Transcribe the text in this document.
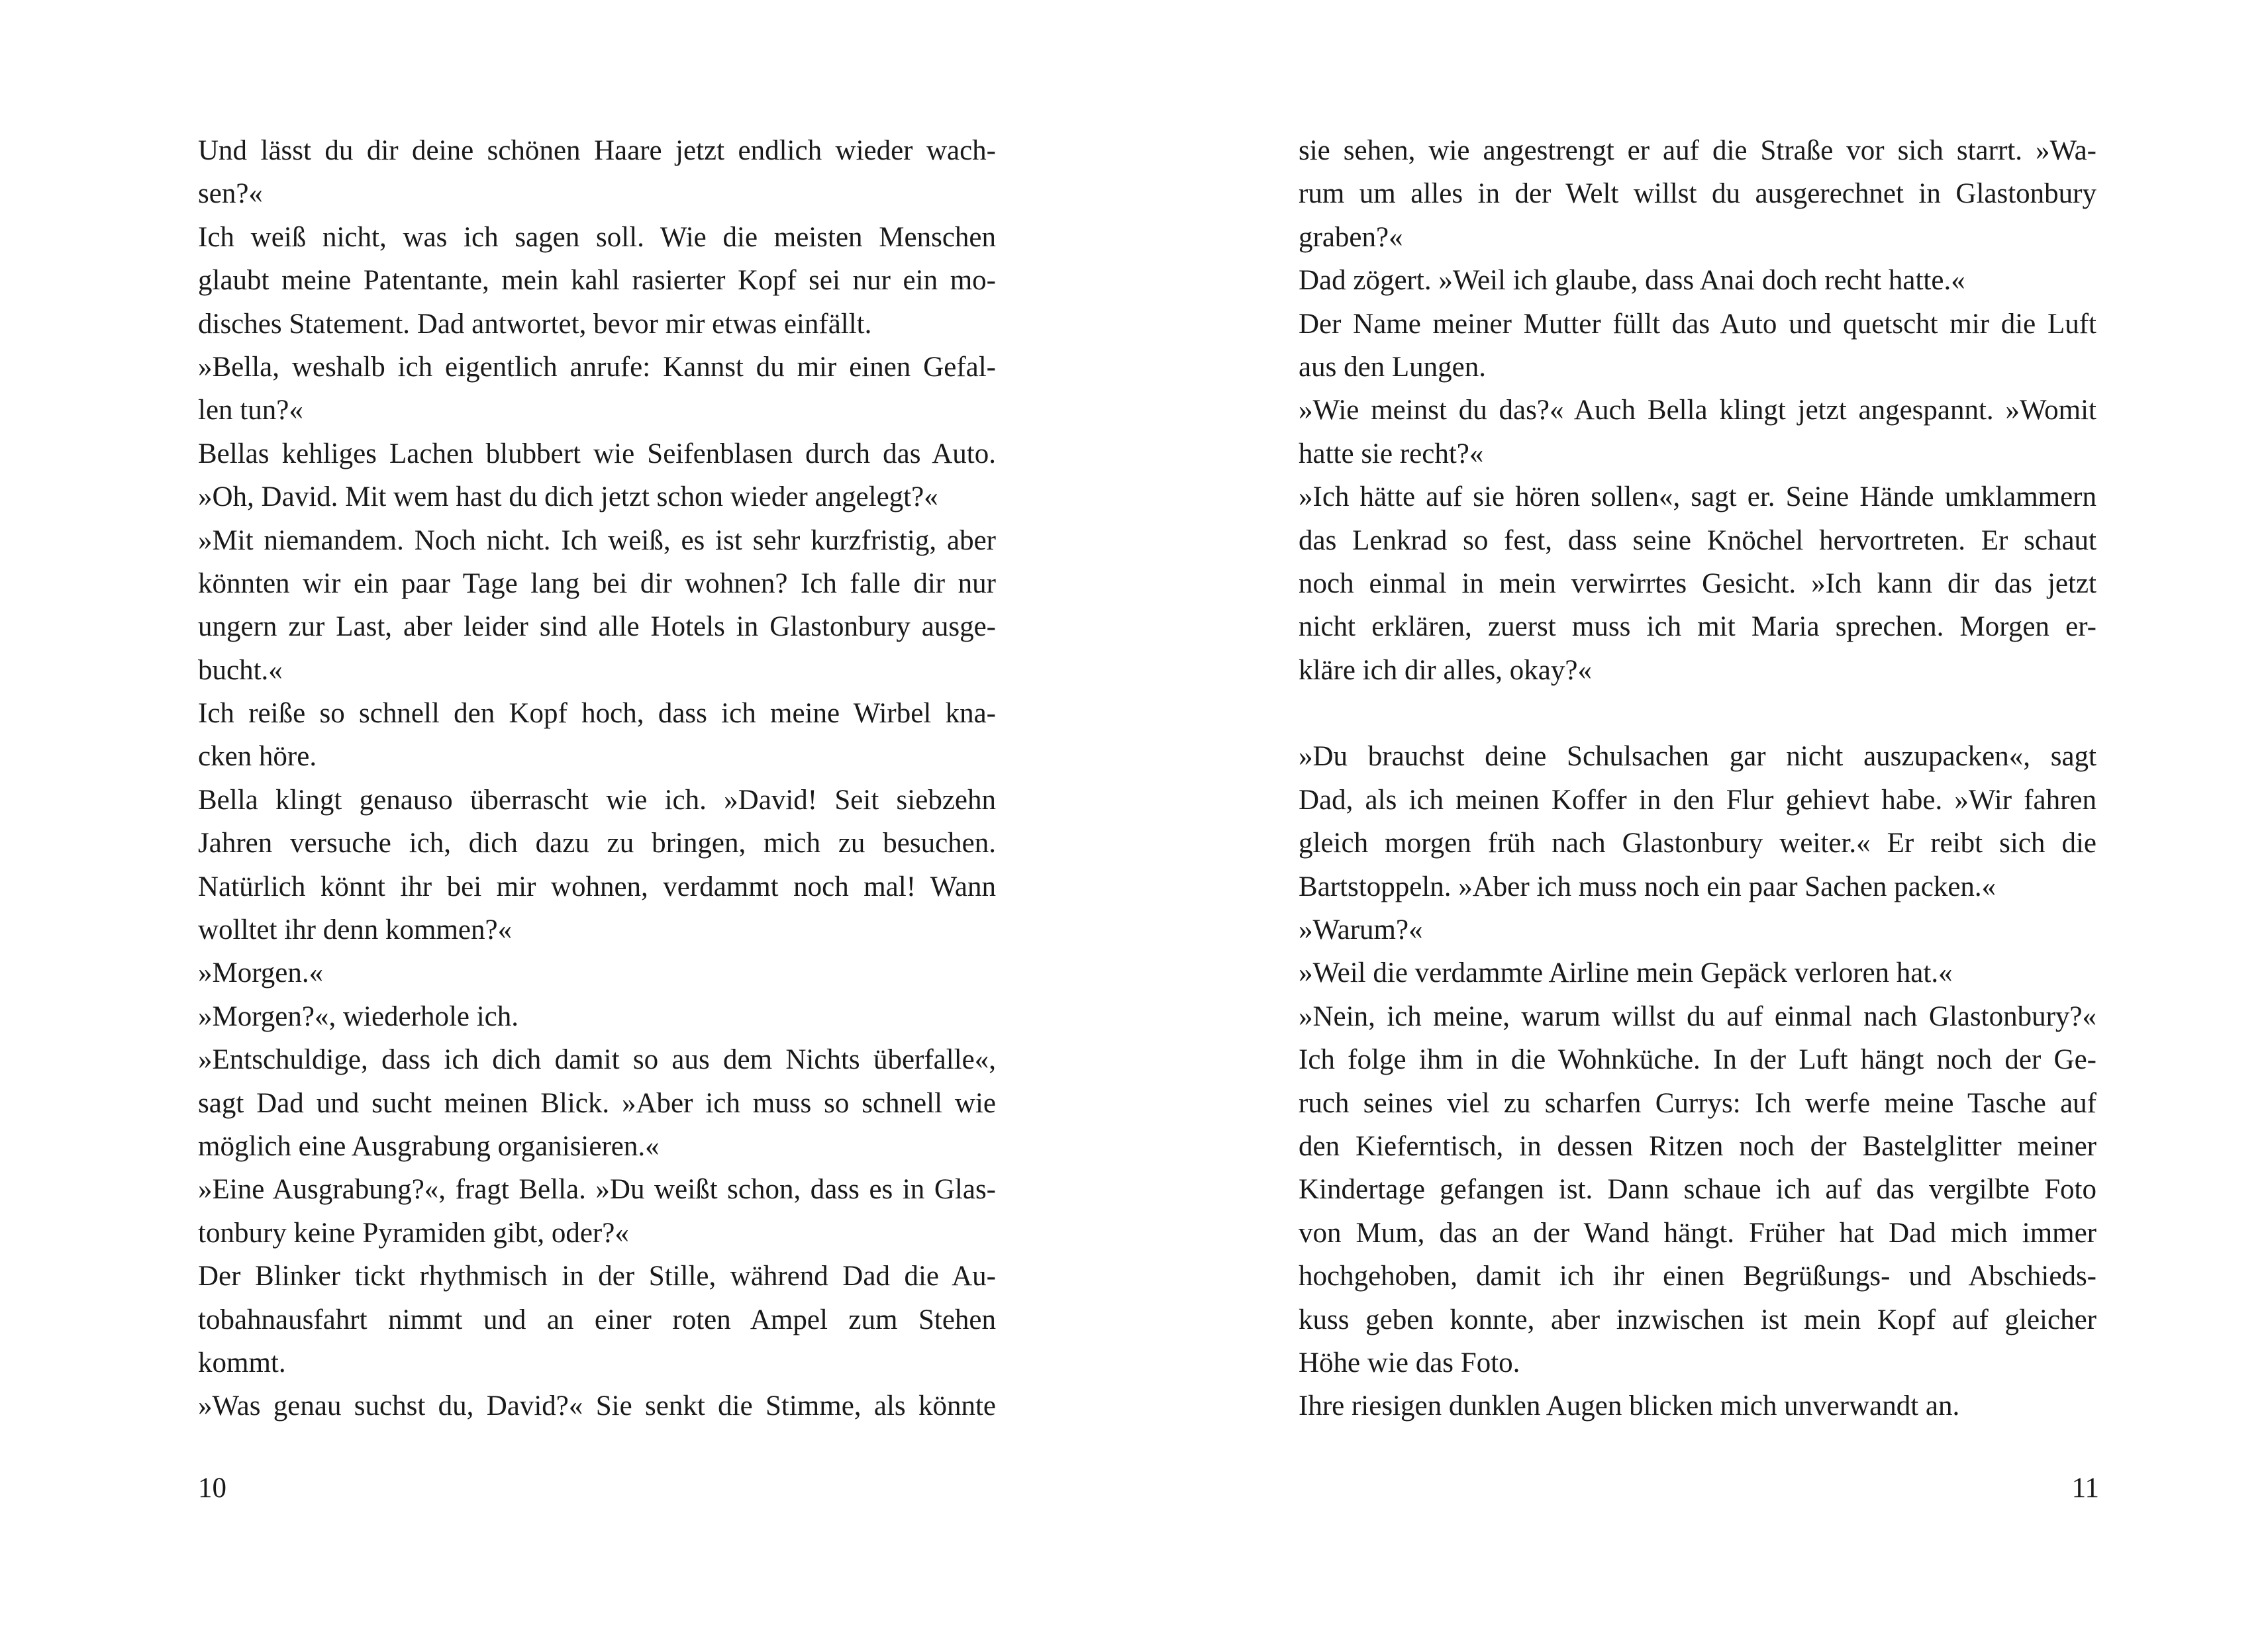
Und lässt du dir deine schönen Haare jetzt endlich wieder wach-
sen?«
Ich weiß nicht, was ich sagen soll. Wie die meisten Menschen
glaubt meine Patentante, mein kahl rasierter Kopf sei nur ein mo-
disches Statement. Dad antwortet, bevor mir etwas einfällt.
»Bella, weshalb ich eigentlich anrufe: Kannst du mir einen Gefal-
len tun?«
Bellas kehliges Lachen blubbert wie Seifenblasen durch das Auto.
»Oh, David. Mit wem hast du dich jetzt schon wieder angelegt?«
»Mit niemandem. Noch nicht. Ich weiß, es ist sehr kurzfristig, aber
könnten wir ein paar Tage lang bei dir wohnen? Ich falle dir nur
ungern zur Last, aber leider sind alle Hotels in Glastonbury ausge-
bucht.«
Ich reiße so schnell den Kopf hoch, dass ich meine Wirbel kna-
cken höre.
Bella klingt genauso überrascht wie ich. »David! Seit siebzehn
Jahren versuche ich, dich dazu zu bringen, mich zu besuchen.
Natürlich könnt ihr bei mir wohnen, verdammt noch mal! Wann
wolltet ihr denn kommen?«
»Morgen.«
»Morgen?«, wiederhole ich.
»Entschuldige, dass ich dich damit so aus dem Nichts überfalle«,
sagt Dad und sucht meinen Blick. »Aber ich muss so schnell wie
möglich eine Ausgrabung organisieren.«
»Eine Ausgrabung?«, fragt Bella. »Du weißt schon, dass es in Glas-
tonbury keine Pyramiden gibt, oder?«
Der Blinker tickt rhythmisch in der Stille, während Dad die Au-
tobahnausfahrt nimmt und an einer roten Ampel zum Stehen
kommt.
»Was genau suchst du, David?« Sie senkt die Stimme, als könnte
10
sie sehen, wie angestrengt er auf die Straße vor sich starrt. »Wa-
rum um alles in der Welt willst du ausgerechnet in Glastonbury
graben?«
Dad zögert. »Weil ich glaube, dass Anai doch recht hatte.«
Der Name meiner Mutter füllt das Auto und quetscht mir die Luft
aus den Lungen.
»Wie meinst du das?« Auch Bella klingt jetzt angespannt. »Womit
hatte sie recht?«
»Ich hätte auf sie hören sollen«, sagt er. Seine Hände umklammern
das Lenkrad so fest, dass seine Knöchel hervortreten. Er schaut
noch einmal in mein verwirrtes Gesicht. »Ich kann dir das jetzt
nicht erklären, zuerst muss ich mit Maria sprechen. Morgen er-
kläre ich dir alles, okay?«
»Du brauchst deine Schulsachen gar nicht auszupacken«, sagt
Dad, als ich meinen Koffer in den Flur gehievt habe. »Wir fahren
gleich morgen früh nach Glastonbury weiter.« Er reibt sich die
Bartstoppeln. »Aber ich muss noch ein paar Sachen packen.«
»Warum?«
»Weil die verdammte Airline mein Gepäck verloren hat.«
»Nein, ich meine, warum willst du auf einmal nach Glastonbury?«
Ich folge ihm in die Wohnküche. In der Luft hängt noch der Ge-
ruch seines viel zu scharfen Currys: Ich werfe meine Tasche auf
den Kieferntisch, in dessen Ritzen noch der Bastelglitter meiner
Kindertage gefangen ist. Dann schaue ich auf das vergilbte Foto
von Mum, das an der Wand hängt. Früher hat Dad mich immer
hochgehoben, damit ich ihr einen Begrüßungs- und Abschieds-
kuss geben konnte, aber inzwischen ist mein Kopf auf gleicher
Höhe wie das Foto.
Ihre riesigen dunklen Augen blicken mich unverwandt an.
11
